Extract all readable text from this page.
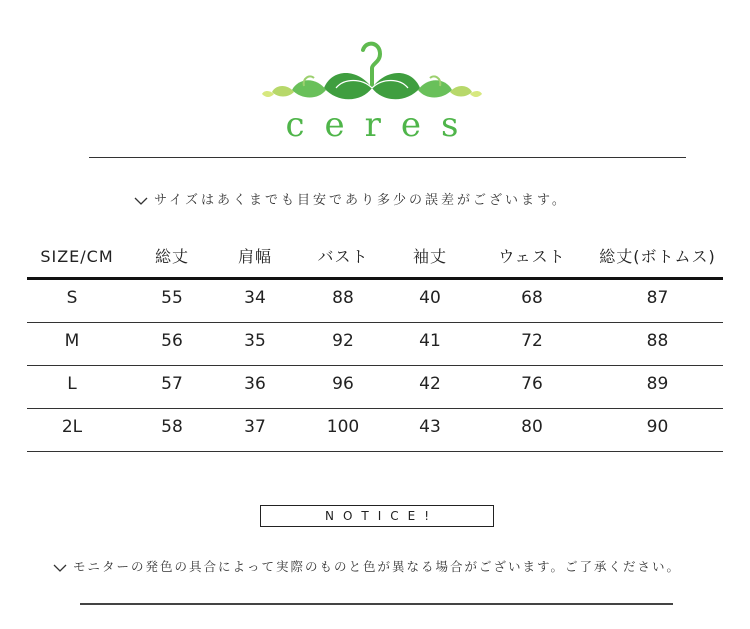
ceres
サイズはあくまでも目安であり多少の誤差がございます。
SIZE/CM	総丈	肩幅	バスト	袖丈	ウェスト	総丈(ボトムス)
S	55	34	88	40	68	87
M	56	35	92	41	72	88
L	57	36	96	42	76	89
2L	58	37	100	43	80	90
NOTICE!
モニターの発色の具合によって実際のものと色が異なる場合がございます。ご了承ください。
